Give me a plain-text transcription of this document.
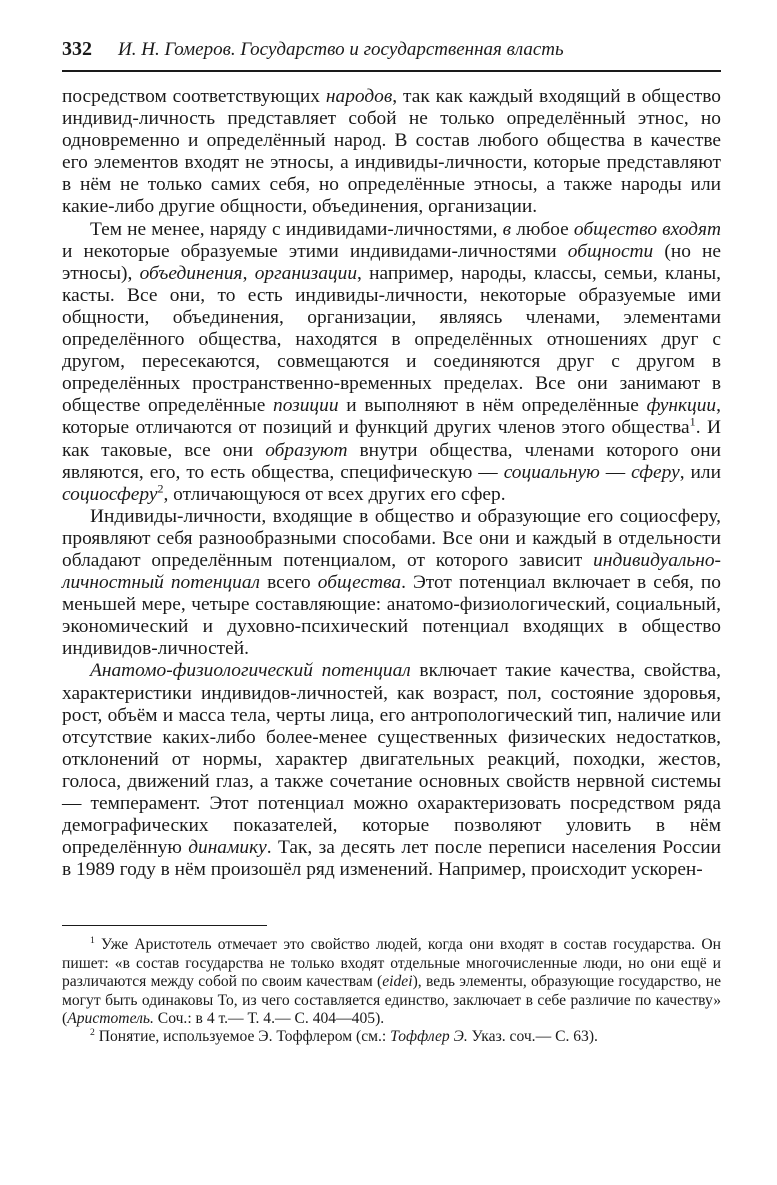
332 И. Н. Гомеров. Государство и государственная власть

посредством соответствующих народов, так как каждый входящий в общество индивид-личность представляет собой не только определённый этнос, но одновременно и определённый народ. В состав любого общества в качестве его элементов входят не этносы, а индивиды-личности, которые представляют в нём не только самих себя, но определённые этносы, а также народы или какие-либо другие общности, объединения, организации.

Тем не менее, наряду с индивидами-личностями, в любое общество входят и некоторые образуемые этими индивидами-личностями общности (но не этносы), объединения, организации, например, народы, классы, семьи, кланы, касты. Все они, то есть индивиды-личности, некоторые образуемые ими общности, объединения, организации, являясь членами, элементами определённого общества, находятся в определённых отношениях друг с другом, пересекаются, совмещаются и соединяются друг с другом в определённых пространственно-временных пределах. Все они занимают в обществе определённые позиции и выполняют в нём определённые функции, которые отличаются от позиций и функций других членов этого общества$^1$. И как таковые, все они образуют внутри общества, членами которого они являются, его, то есть общества, специфическую — социальную — сферу, или социосферу$^2$, отличающуюся от всех других его сфер.

Индивиды-личности, входящие в общество и образующие его социосферу, проявляют себя разнообразными способами. Все они и каждый в отдельности обладают определённым потенциалом, от которого зависит индивидуально-личностный потенциал всего общества. Этот потенциал включает в себя, по меньшей мере, четыре составляющие: анатомо-физиологический, социальный, экономический и духовно-психический потенциал входящих в общество индивидов-личностей.

Анатомо-физиологический потенциал включает такие качества, свойства, характеристики индивидов-личностей, как возраст, пол, состояние здоровья, рост, объём и масса тела, черты лица, его антропологический тип, наличие или отсутствие каких-либо более-менее существенных физических недостатков, отклонений от нормы, характер двигательных реакций, походки, жестов, голоса, движений глаз, а также сочетание основных свойств нервной системы — темперамент. Этот потенциал можно охарактеризовать посредством ряда демографических показателей, которые позволяют уловить в нём определённую динамику. Так, за десять лет после переписи населения России в 1989 году в нём произошёл ряд изменений. Например, происходит ускорен-

$^1$ Уже Аристотель отмечает это свойство людей, когда они входят в состав государства. Он пишет: «в состав государства не только входят отдельные многочисленные люди, но они ещё и различаются между собой по своим качествам (eidei), ведь элементы, образующие государство, не могут быть одинаковы То, из чего составляется единство, заключает в себе различие по качеству» (Аристотель. Соч.: в 4 т.— Т. 4.— С. 404—405).

$^2$ Понятие, используемое Э. Тоффлером (см.: Тоффлер Э. Указ. соч.— С. 63).
